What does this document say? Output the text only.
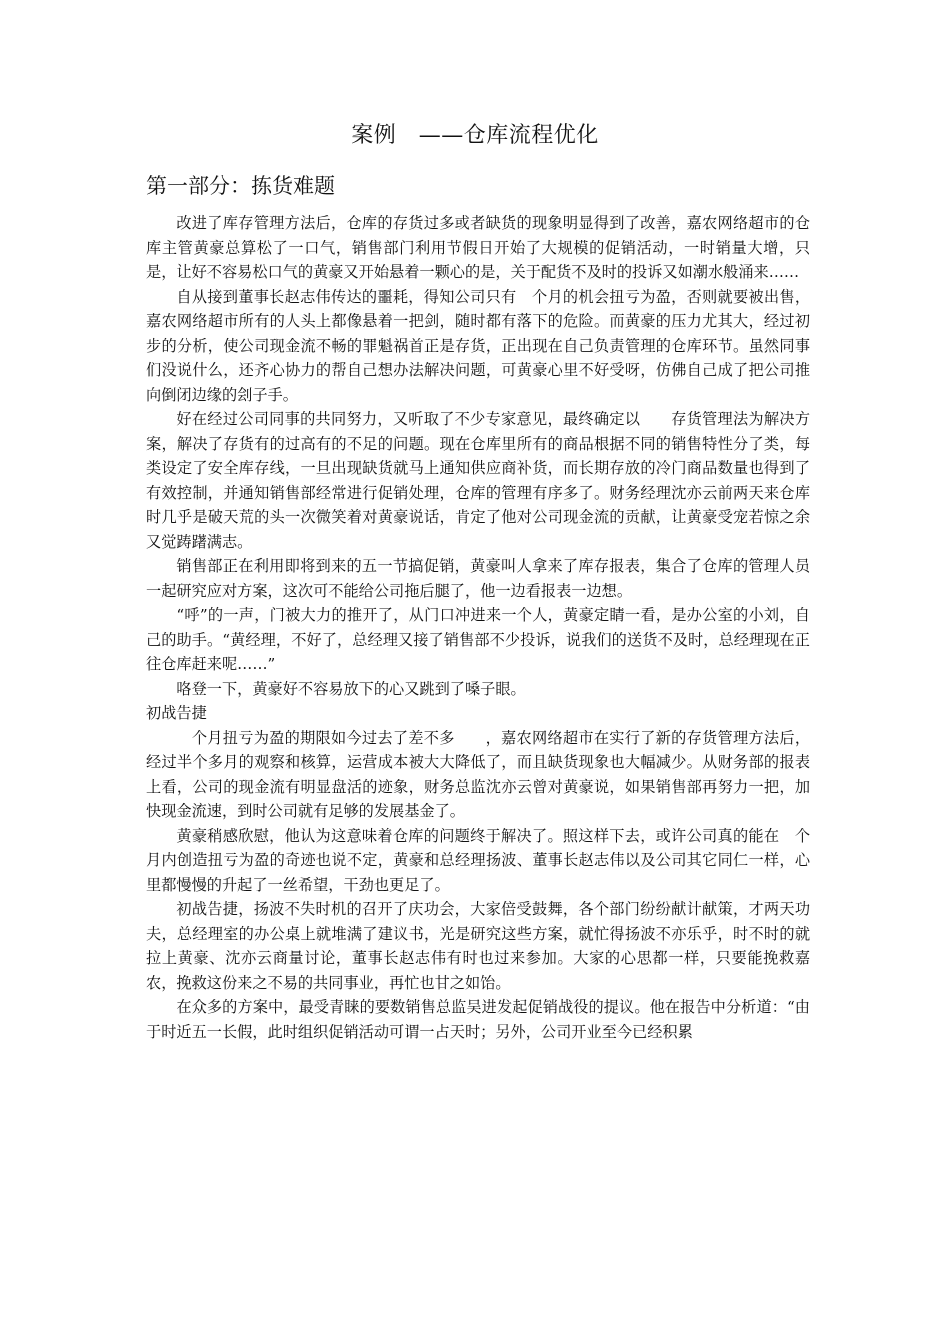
案例　——仓库流程优化
第一部分：拣货难题

改进了库存管理方法后，仓库的存货过多或者缺货的现象明显得到了改善，嘉农网络超市的仓库主管黄豪总算松了一口气，销售部门利用节假日开始了大规模的促销活动，一时销量大增，只是，让好不容易松口气的黄豪又开始悬着一颗心的是，关于配货不及时的投诉又如潮水般涌来……

自从接到董事长赵志伟传达的噩耗，得知公司只有　个月的机会扭亏为盈，否则就要被出售，嘉农网络超市所有的人头上都像悬着一把剑，随时都有落下的危险。而黄豪的压力尤其大，经过初步的分析，使公司现金流不畅的罪魁祸首正是存货，正出现在自己负责管理的仓库环节。虽然同事们没说什么，还齐心协力的帮自己想办法解决问题，可黄豪心里不好受呀，仿佛自己成了把公司推向倒闭边缘的刽子手。

好在经过公司同事的共同努力，又听取了不少专家意见，最终确定以　　存货管理法为解决方案，解决了存货有的过高有的不足的问题。现在仓库里所有的商品根据不同的销售特性分了类，每类设定了安全库存线，一旦出现缺货就马上通知供应商补货，而长期存放的冷门商品数量也得到了有效控制，并通知销售部经常进行促销处理，仓库的管理有序多了。财务经理沈亦云前两天来仓库时几乎是破天荒的头一次微笑着对黄豪说话，肯定了他对公司现金流的贡献，让黄豪受宠若惊之余又觉踌躇满志。

销售部正在利用即将到来的五一节搞促销，黄豪叫人拿来了库存报表，集合了仓库的管理人员一起研究应对方案，这次可不能给公司拖后腿了，他一边看报表一边想。

“呼”的一声，门被大力的推开了，从门口冲进来一个人，黄豪定睛一看，是办公室的小刘，自己的助手。“黄经理，不好了，总经理又接了销售部不少投诉，说我们的送货不及时，总经理现在正往仓库赶来呢……”

咯登一下，黄豪好不容易放下的心又跳到了嗓子眼。

初战告捷

　个月扭亏为盈的期限如今过去了差不多　　，嘉农网络超市在实行了新的存货管理方法后，经过半个多月的观察和核算，运营成本被大大降低了，而且缺货现象也大幅减少。从财务部的报表上看，公司的现金流有明显盘活的迹象，财务总监沈亦云曾对黄豪说，如果销售部再努力一把，加快现金流速，到时公司就有足够的发展基金了。

黄豪稍感欣慰，他认为这意味着仓库的问题终于解决了。照这样下去，或许公司真的能在　个月内创造扭亏为盈的奇迹也说不定，黄豪和总经理扬波、董事长赵志伟以及公司其它同仁一样，心里都慢慢的升起了一丝希望，干劲也更足了。

初战告捷，扬波不失时机的召开了庆功会，大家倍受鼓舞，各个部门纷纷献计献策，才两天功夫，总经理室的办公桌上就堆满了建议书，光是研究这些方案，就忙得扬波不亦乐乎，时不时的就拉上黄豪、沈亦云商量讨论，董事长赵志伟有时也过来参加。大家的心思都一样，只要能挽救嘉农，挽救这份来之不易的共同事业，再忙也甘之如饴。

在众多的方案中，最受青睐的要数销售总监吴进发起促销战役的提议。他在报告中分析道：“由于时近五一长假，此时组织促销活动可谓一占天时；另外，公司开业至今已经积累
